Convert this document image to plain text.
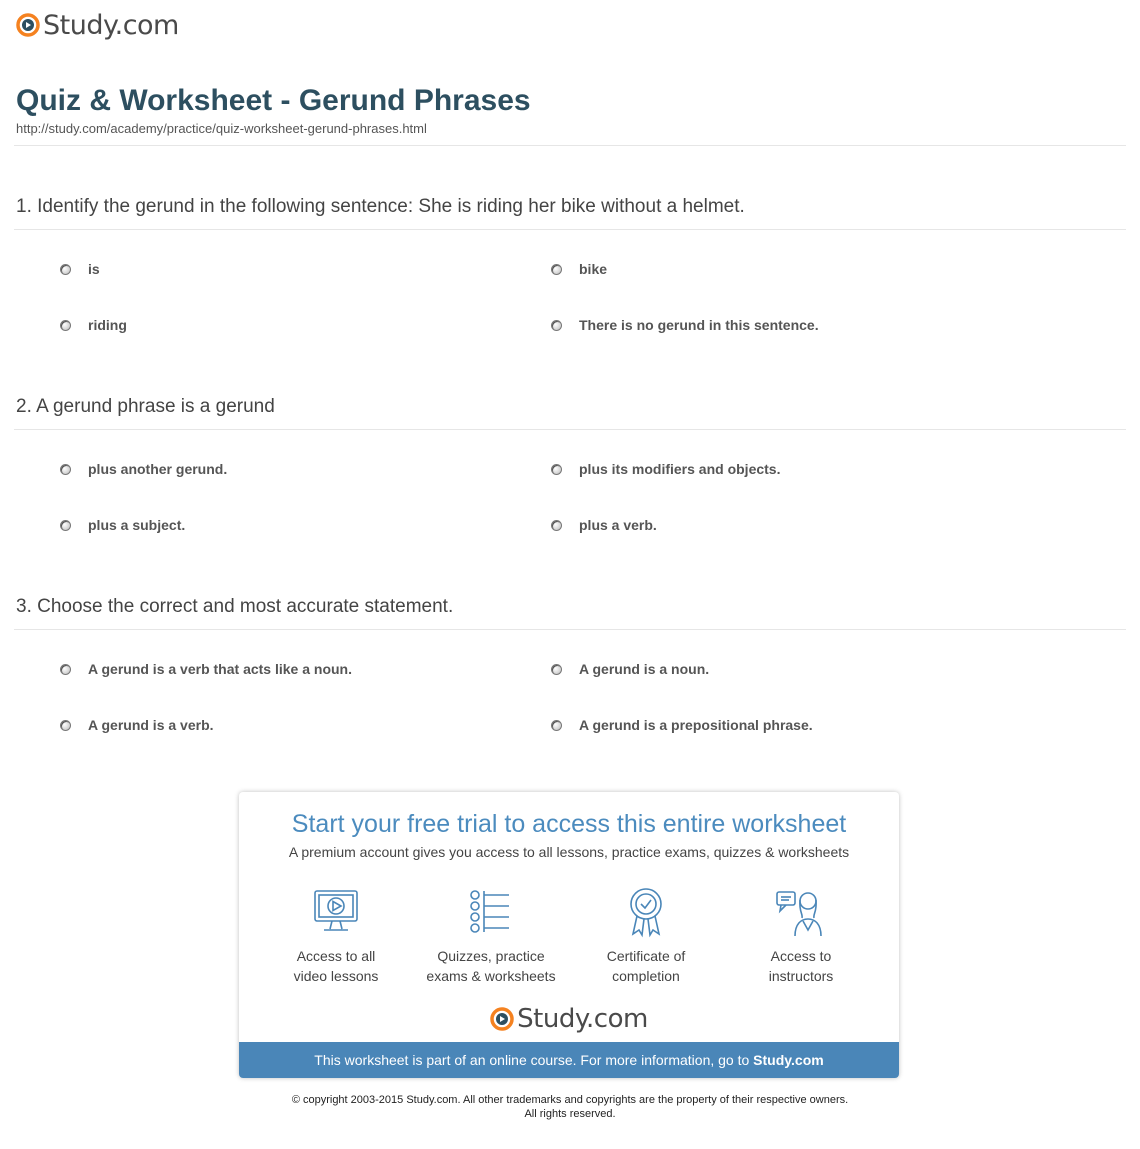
Study.com
Quiz & Worksheet - Gerund Phrases
http://study.com/academy/practice/quiz-worksheet-gerund-phrases.html
1. Identify the gerund in the following sentence: She is riding her bike without a helmet.
is	bike
riding	There is no gerund in this sentence.
2. A gerund phrase is a gerund
plus another gerund.	plus its modifiers and objects.
plus a subject.	plus a verb.
3. Choose the correct and most accurate statement.
A gerund is a verb that acts like a noun.	A gerund is a noun.
A gerund is a verb.	A gerund is a prepositional phrase.
Start your free trial to access this entire worksheet
A premium account gives you access to all lessons, practice exams, quizzes & worksheets
Access to all
video lessons
Quizzes, practice
exams & worksheets
Certificate of
completion
Access to
instructors
Study.com
This worksheet is part of an online course. For more information, go to Study.com
© copyright 2003-2015 Study.com. All other trademarks and copyrights are the property of their respective owners.
All rights reserved.
